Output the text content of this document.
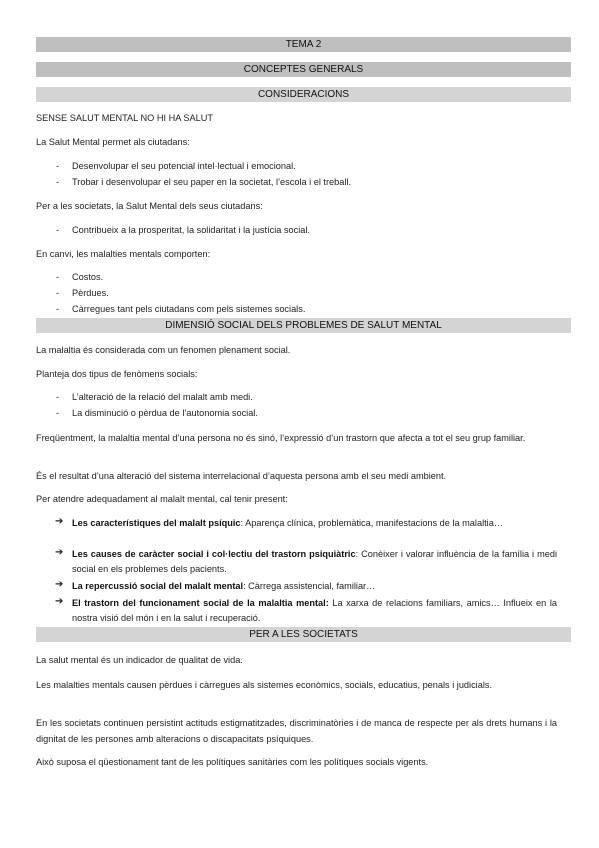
TEMA 2
CONCEPTES GENERALS
CONSIDERACIONS
SENSE SALUT MENTAL NO HI HA SALUT
La Salut Mental permet als ciutadans:
- Desenvolupar el seu potencial intel·lectual i emocional.
- Trobar i desenvolupar el seu paper en la societat, l’escola i el treball.
Per a les societats, la Salut Mental dels seus ciutadans:
- Contribueix a la prosperitat, la solidaritat i la justícia social.
En canvi, les malalties mentals comporten:
- Costos.
- Pèrdues.
- Càrregues tant pels ciutadans com pels sistemes socials.
DIMENSIÓ SOCIAL DELS PROBLEMES DE SALUT MENTAL
La malaltia és considerada com un fenomen plenament social.
Planteja dos tipus de fenòmens socials:
- L’alteració de la relació del malalt amb medi.
- La disminució o pèrdua de l’autonomia social.
Freqüentment, la malaltia mental d’una persona no és sinó, l’expressió d’un trastorn que afecta a tot el seu grup familiar.
És el resultat d’una alteració del sistema interrelacional d’aquesta persona amb el seu medi ambient.
Per atendre adequadament al malalt mental, cal tenir present:
➔ Les característiques del malalt psíquic: Aparença clínica, problemàtica, manifestacions de la malaltia…
➔ Les causes de caràcter social i col·lectiu del trastorn psiquiàtric: Conèixer i valorar influència de la família i medi social en els problemes dels pacients.
➔ La repercussió social del malalt mental: Càrrega assistencial, familiar…
➔ El trastorn del funcionament social de la malaltia mental: La xarxa de relacions familiars, amics… Influeix en la nostra visió del món i en la salut i recuperació.
PER A LES SOCIETATS
La salut mental és un indicador de qualitat de vida.
Les malalties mentals causen pèrdues i càrregues als sistemes econòmics, socials, educatius, penals i judicials.
En les societats continuen persistint actituds estigmatitzades, discriminatòries i de manca de respecte per als drets humans i la dignitat de les persones amb alteracions o discapacitats psíquiques.
Això suposa el qüestionament tant de les polítiques sanitàries com les polítiques socials vigents.
